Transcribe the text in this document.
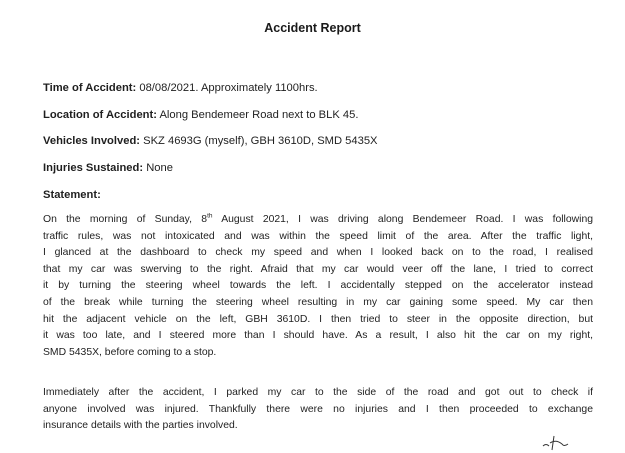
Accident Report
Time of Accident: 08/08/2021. Approximately 1100hrs.
Location of Accident: Along Bendemeer Road next to BLK 45.
Vehicles Involved: SKZ 4693G (myself), GBH 3610D, SMD 5435X
Injuries Sustained: None
Statement:
On the morning of Sunday, 8th August 2021, I was driving along Bendemeer Road. I was following
traffic rules, was not intoxicated and was within the speed limit of the area. After the traffic light,
I glanced at the dashboard to check my speed and when I looked back on to the road, I realised
that my car was swerving to the right. Afraid that my car would veer off the lane, I tried to correct
it by turning the steering wheel towards the left. I accidentally stepped on the accelerator instead
of the break while turning the steering wheel resulting in my car gaining some speed. My car then
hit the adjacent vehicle on the left, GBH 3610D. I then tried to steer in the opposite direction, but
it was too late, and I steered more than I should have. As a result, I also hit the car on my right,
SMD 5435X, before coming to a stop.
Immediately after the accident, I parked my car to the side of the road and got out to check if
anyone involved was injured. Thankfully there were no injuries and I then proceeded to exchange
insurance details with the parties involved.
